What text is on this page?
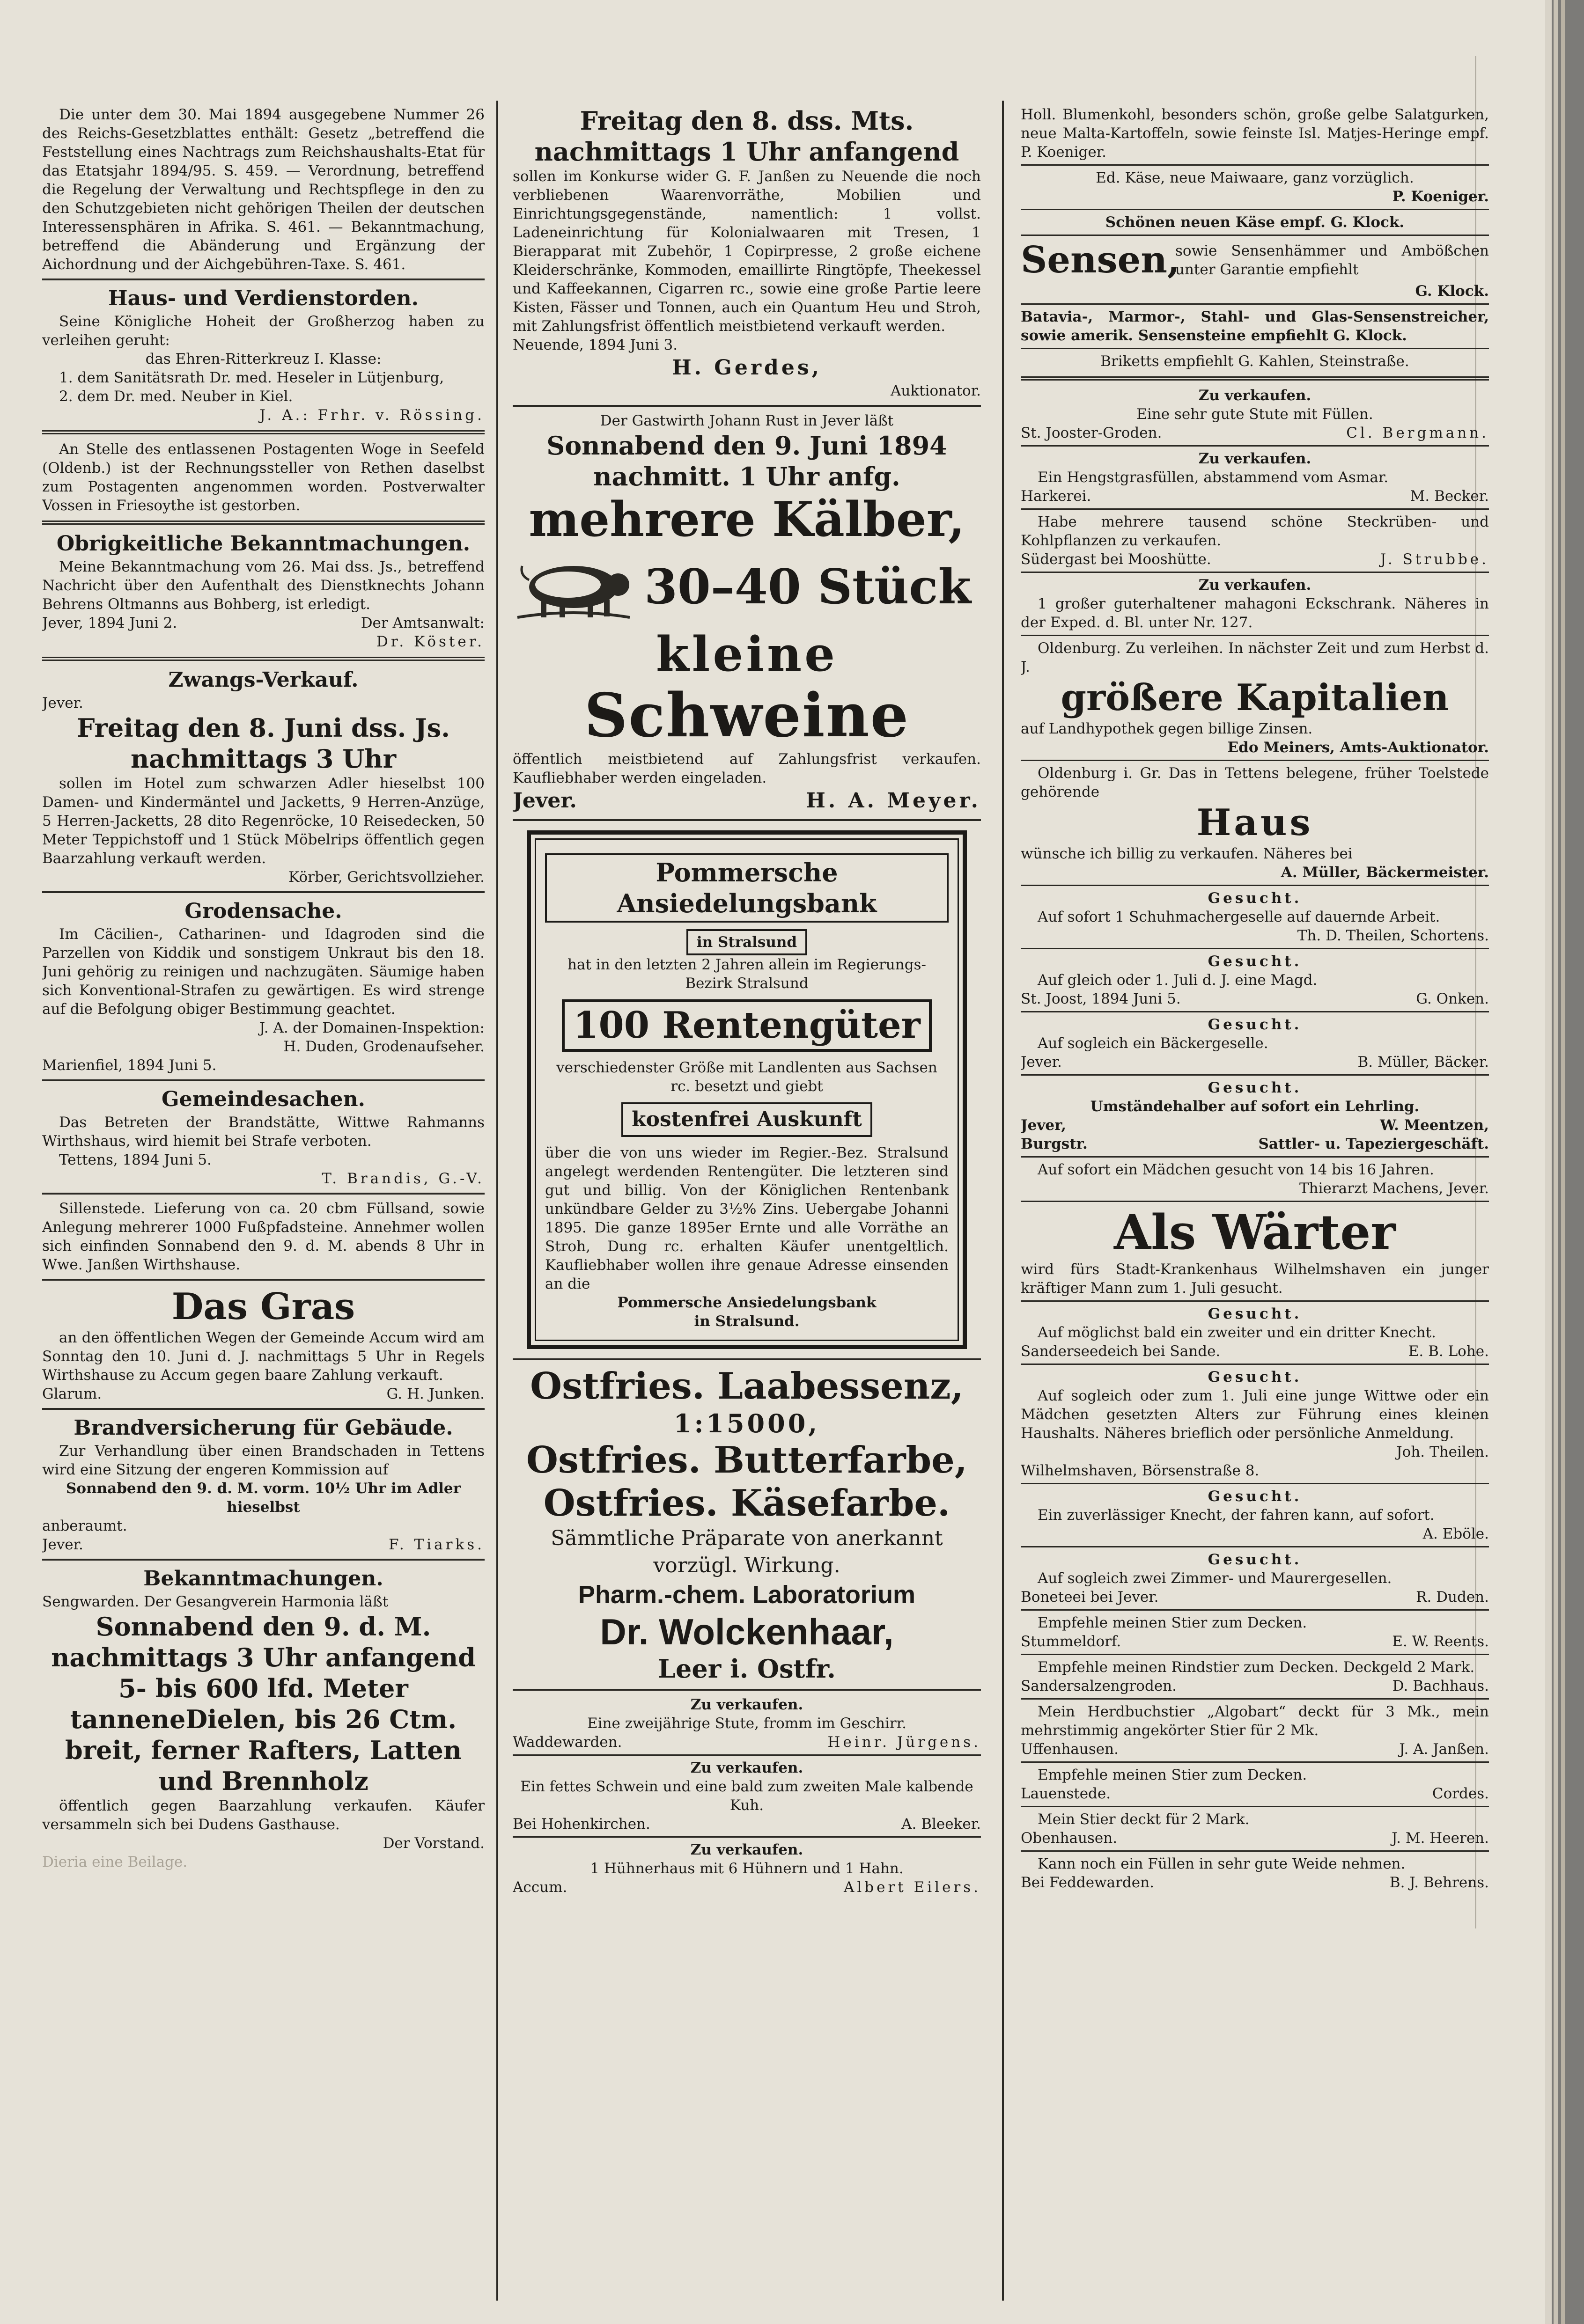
Die unter dem 30. Mai 1894 ausgegebene Nummer 26 des Reichs-Gesetzblattes enthält: Gesetz „betreffend die Feststellung eines Nachtrags zum Reichshaushalts-Etat für das Etatsjahr 1894/95. S. 459. — Verordnung, betreffend die Regelung der Verwaltung und Rechtspflege in den zu den Schutzgebieten nicht gehörigen Theilen der deutschen Interessensphären in Afrika. S. 461. — Bekanntmachung, betreffend die Abänderung und Ergänzung der Aichordnung und der Aichgebühren-Taxe. S. 461.

Haus- und Verdienstorden.

Seine Königliche Hoheit der Großherzog haben zu verleihen geruht:

das Ehren-Ritterkreuz I. Klasse:

1. dem Sanitätsrath Dr. med. Heseler in Lütjenburg,

2. dem Dr. med. Neuber in Kiel.

J. A.: Frhr. v. Rössing.

An Stelle des entlassenen Postagenten Woge in Seefeld (Oldenb.) ist der Rechnungssteller von Rethen daselbst zum Postagenten angenommen worden. Postverwalter Vossen in Friesoythe ist gestorben.

Obrigkeitliche Bekanntmachungen.

Meine Bekanntmachung vom 26. Mai dss. Js., betreffend Nachricht über den Aufenthalt des Dienstknechts Johann Behrens Oltmanns aus Bohberg, ist erledigt.

Jever, 1894 Juni 2.	Der Amtsanwalt:

Dr. Köster.

Zwangs-Verkauf.

Jever.

Freitag den 8. Juni dss. Js.

nachmittags 3 Uhr

sollen im Hotel zum schwarzen Adler hieselbst 100 Damen- und Kindermäntel und Jacketts, 9 Herren-Anzüge, 5 Herren-Jacketts, 28 dito Regenröcke, 10 Reisedecken, 50 Meter Teppichstoff und 1 Stück Möbelrips öffentlich gegen Baarzahlung verkauft werden.

Körber, Gerichtsvollzieher.

Grodensache.

Im Cäcilien-, Catharinen- und Idagroden sind die Parzellen von Kiddik und sonstigem Unkraut bis den 18. Juni gehörig zu reinigen und nachzugäten. Säumige haben sich Konventional-Strafen zu gewärtigen. Es wird strenge auf die Befolgung obiger Bestimmung geachtet.

J. A. der Domainen-Inspektion:

H. Duden, Grodenaufseher.

Marienfiel, 1894 Juni 5.

Gemeindesachen.

Das Betreten der Brandstätte, Wittwe Rahmanns Wirthshaus, wird hiemit bei Strafe verboten.

Tettens, 1894 Juni 5.

T. Brandis, G.-V.

Sillenstede. Lieferung von ca. 20 cbm Füllsand, sowie Anlegung mehrerer 1000 Fußpfadsteine. Annehmer wollen sich einfinden Sonnabend den 9. d. M. abends 8 Uhr in Wwe. Janßen Wirthshause.

Das Gras

an den öffentlichen Wegen der Gemeinde Accum wird am Sonntag den 10. Juni d. J. nachmittags 5 Uhr in Regels Wirthshause zu Accum gegen baare Zahlung verkauft.

Glarum.	G. H. Junken.

Brandversicherung für Gebäude.

Zur Verhandlung über einen Brandschaden in Tettens wird eine Sitzung der engeren Kommission auf

Sonnabend den 9. d. M. vorm. 10½ Uhr im Adler hieselbst

anberaumt.

Jever.	F. Tiarks.

Bekanntmachungen.

Sengwarden. Der Gesangverein Harmonia läßt

Sonnabend den 9. d. M.

nachmittags 3 Uhr anfangend

5- bis 600 lfd. Meter tanneneDielen, bis 26 Ctm. breit, ferner Rafters, Latten und Brennholz

öffentlich gegen Baarzahlung verkaufen. Käufer versammeln sich bei Dudens Gasthause.

Der Vorstand.

Dieria eine Beilage.

Freitag den 8. dss. Mts.

nachmittags 1 Uhr anfangend

sollen im Konkurse wider G. F. Janßen zu Neuende die noch verbliebenen Waarenvorräthe, Mobilien und Einrichtungsgegenstände, namentlich: 1 vollst. Ladeneinrichtung für Kolonialwaaren mit Tresen, 1 Bierapparat mit Zubehör, 1 Copirpresse, 2 große eichene Kleiderschränke, Kommoden, emaillirte Ringtöpfe, Theekessel und Kaffeekannen, Cigarren rc., sowie eine große Partie leere Kisten, Fässer und Tonnen, auch ein Quantum Heu und Stroh, mit Zahlungsfrist öffentlich meistbietend verkauft werden.

Neuende, 1894 Juni 3.

H. Gerdes,

Auktionator.

Der Gastwirth Johann Rust in Jever läßt

Sonnabend den 9. Juni 1894

nachmitt. 1 Uhr anfg.

mehrere Kälber,

30–40 Stück

kleine

Schweine

öffentlich meistbietend auf Zahlungsfrist verkaufen. Kaufliebhaber werden eingeladen.

Jever.	H. A. Meyer.

Pommersche Ansiedelungsbank

in Stralsund

hat in den letzten 2 Jahren allein im Regierungs-Bezirk Stralsund

100 Rentengüter

verschiedenster Größe mit Landlenten aus Sachsen rc. besetzt und giebt

kostenfrei Auskunft

über die von uns wieder im Regier.-Bez. Stralsund angelegt werdenden Rentengüter. Die letzteren sind gut und billig. Von der Königlichen Rentenbank unkündbare Gelder zu 3½% Zins. Uebergabe Johanni 1895. Die ganze 1895er Ernte und alle Vorräthe an Stroh, Dung rc. erhalten Käufer unentgeltlich. Kaufliebhaber wollen ihre genaue Adresse einsenden an die

Pommersche Ansiedelungsbank

in Stralsund.

Ostfries. Laabessenz,

1:15000,

Ostfries. Butterfarbe,

Ostfries. Käsefarbe.

Sämmtliche Präparate von anerkannt vorzügl. Wirkung.

Pharm.-chem. Laboratorium

Dr. Wolckenhaar,

Leer i. Ostfr.

Zu verkaufen.

Eine zweijährige Stute, fromm im Geschirr.

Waddewarden.	Heinr. Jürgens.

Zu verkaufen.

Ein fettes Schwein und eine bald zum zweiten Male kalbende Kuh.

Bei Hohenkirchen.	A. Bleeker.

Zu verkaufen.

1 Hühnerhaus mit 6 Hühnern und 1 Hahn.

Accum.	Albert Eilers.

Holl. Blumenkohl, besonders schön, große gelbe Salatgurken, neue Malta-Kartoffeln, sowie feinste Isl. Matjes-Heringe empf. P. Koeniger.

Ed. Käse, neue Maiwaare, ganz vorzüglich.

P. Koeniger.

Schönen neuen Käse empf. G. Klock.

Sensen,

sowie Sensenhämmer und Ambößchen unter Garantie empfiehlt

G. Klock.

Batavia-, Marmor-, Stahl- und Glas-Sensenstreicher, sowie amerik. Sensensteine empfiehlt G. Klock.

Briketts empfiehlt G. Kahlen, Steinstraße.

Zu verkaufen.

Eine sehr gute Stute mit Füllen.

St. Jooster-Groden.	Cl. Bergmann.

Zu verkaufen.

Ein Hengstgrasfüllen, abstammend vom Asmar.

Harkerei.	M. Becker.

Habe mehrere tausend schöne Steckrüben- und Kohlpflanzen zu verkaufen.

Südergast bei Mooshütte.	J. Strubbe.

Zu verkaufen.

1 großer guterhaltener mahagoni Eckschrank. Näheres in der Exped. d. Bl. unter Nr. 127.

Oldenburg. Zu verleihen. In nächster Zeit und zum Herbst d. J.

größere Kapitalien

auf Landhypothek gegen billige Zinsen.

Edo Meiners, Amts-Auktionator.

Oldenburg i. Gr. Das in Tettens belegene, früher Toelstede gehörende

Haus

wünsche ich billig zu verkaufen. Näheres bei

A. Müller, Bäckermeister.

Gesucht.

Auf sofort 1 Schuhmachergeselle auf dauernde Arbeit.

Th. D. Theilen, Schortens.

Gesucht.

Auf gleich oder 1. Juli d. J. eine Magd.

St. Joost, 1894 Juni 5.	G. Onken.

Gesucht.

Auf sogleich ein Bäckergeselle.

Jever.	B. Müller, Bäcker.

Gesucht.

Umständehalber auf sofort ein Lehrling.

Jever,	W. Meentzen,

Burgstr.	Sattler- u. Tapeziergeschäft.

Auf sofort ein Mädchen gesucht von 14 bis 16 Jahren.

Thierarzt Machens, Jever.

Als Wärter

wird fürs Stadt-Krankenhaus Wilhelmshaven ein junger kräftiger Mann zum 1. Juli gesucht.

Gesucht.

Auf möglichst bald ein zweiter und ein dritter Knecht.

Sanderseedeich bei Sande.	E. B. Lohe.

Gesucht.

Auf sogleich oder zum 1. Juli eine junge Wittwe oder ein Mädchen gesetzten Alters zur Führung eines kleinen Haushalts. Näheres brieflich oder persönliche Anmeldung.

Joh. Theilen.

Wilhelmshaven, Börsenstraße 8.

Gesucht.

Ein zuverlässiger Knecht, der fahren kann, auf sofort.

A. Eböle.

Gesucht.

Auf sogleich zwei Zimmer- und Maurergesellen.

Boneteei bei Jever.	R. Duden.

Empfehle meinen Stier zum Decken.

Stummeldorf.	E. W. Reents.

Empfehle meinen Rindstier zum Decken. Deckgeld 2 Mark.

Sandersalzengroden.	D. Bachhaus.

Mein Herdbuchstier „Algobart“ deckt für 3 Mk., mein mehrstimmig angekörter Stier für 2 Mk.

Uffenhausen.	J. A. Janßen.

Empfehle meinen Stier zum Decken.

Lauenstede.	Cordes.

Mein Stier deckt für 2 Mark.

Obenhausen.	J. M. Heeren.

Kann noch ein Füllen in sehr gute Weide nehmen.

Bei Feddewarden.	B. J. Behrens.
